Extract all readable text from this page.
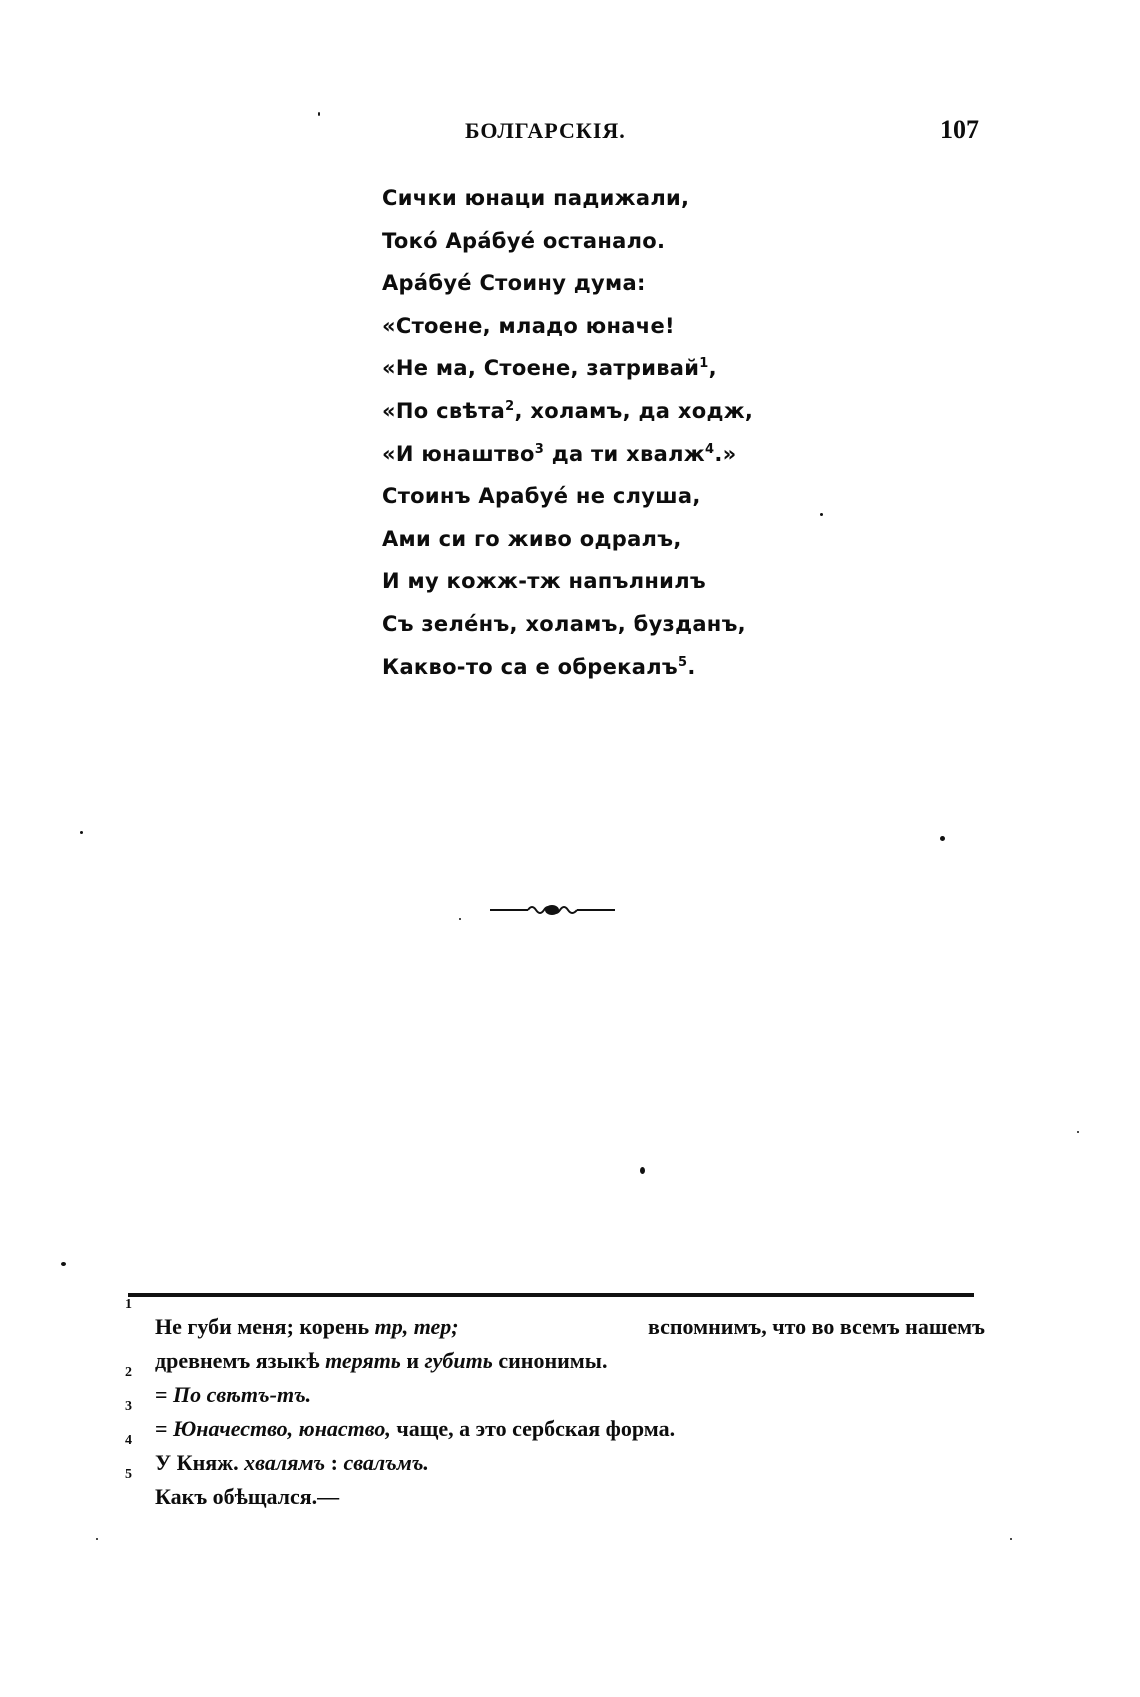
БОЛГАРСКІЯ.	107
Сички юнаци падижали,
Toкó Арáбуé останало.
Арáбуé Стоину дума:
«Стоене, младо юначе!
«Не ма, Стоене, затривай$^1$,
«По свѣта$^2$, холамъ, да ходж,
«И юнаштво$^3$ да ти хвалж$^4$.»
Стоинъ Арабуé не слуша,
Ами си го живо одралъ,
И му кожж-тж напълнилъ
Съ зелéнъ, холамъ, бузданъ,
Какво-то са е обрекалъ$^5$.
1
Не губи меня; корень тр, тер;	вспомнимъ, что во всемъ нашемъ
древнемъ языкѣ терять и губить синонимы.
2
= По свѣтъ-тъ.
3
= Юначество, юнаство, чаще, а это сербская форма.
4
У Княж. хвалямъ : свалъмъ.
5
Какъ обѣщался.—
